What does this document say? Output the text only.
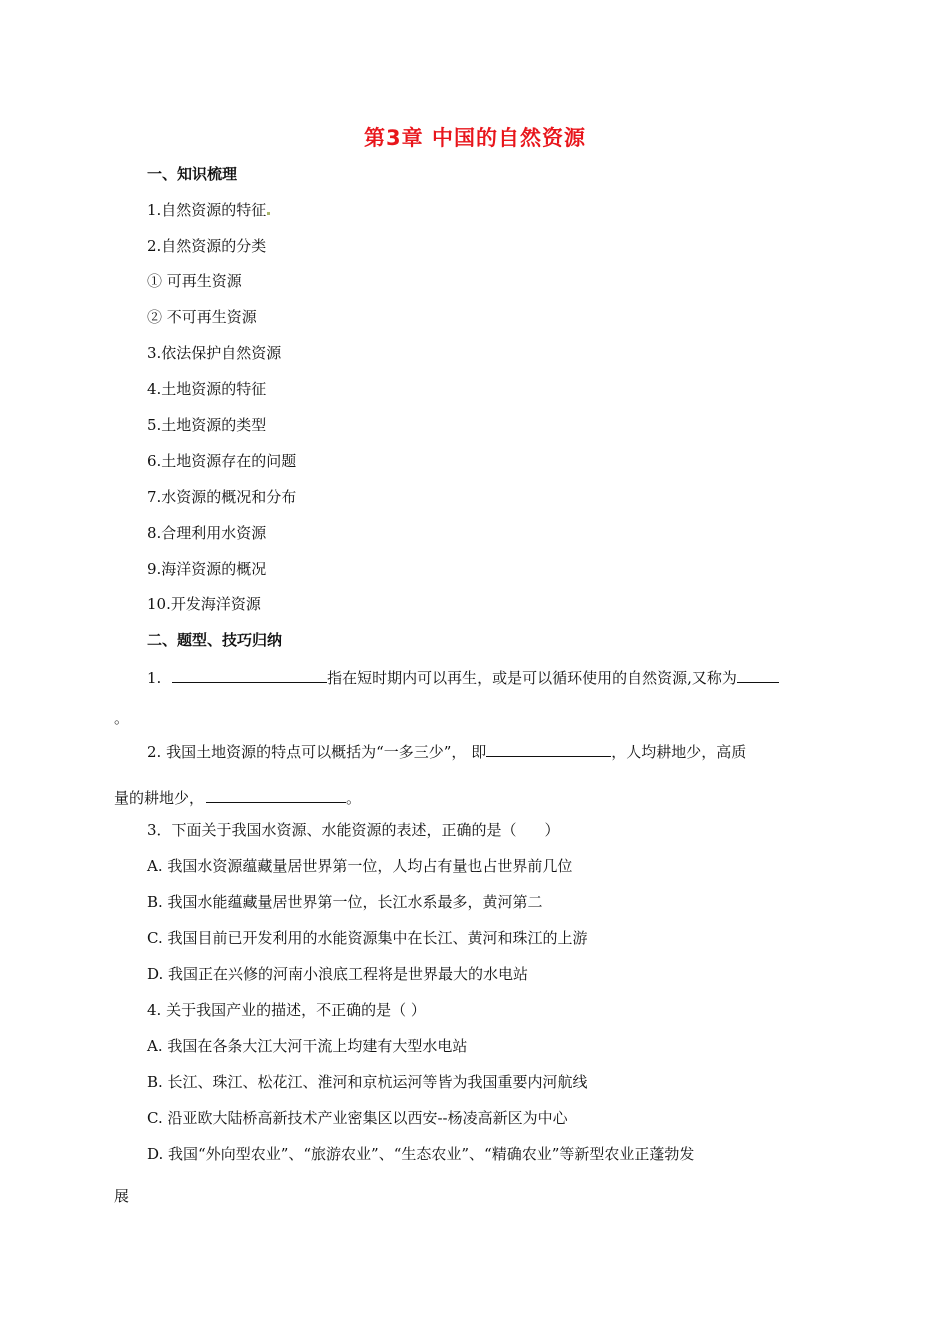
第3章 中国的自然资源
一、知识梳理
1.自然资源的特征
2.自然资源的分类
① 可再生资源
② 不可再生资源
3.依法保护自然资源
4.土地资源的特征
5.土地资源的类型
6.土地资源存在的问题
7.水资源的概况和分布
8.合理利用水资源
9.海洋资源的概况
10.开发海洋资源
二、题型、技巧归纳
1.	指在短时期内可以再生，或是可以循环使用的自然资源,又称为
。
2. 我国土地资源的特点可以概括为“一多三少”， 即	，人均耕地少，高质
量的耕地少，	。
3．下面关于我国水资源、水能资源的表述，正确的是（ ）
A. 我国水资源蕴藏量居世界第一位，人均占有量也占世界前几位
B. 我国水能蕴藏量居世界第一位，长江水系最多，黄河第二
C. 我国目前已开发利用的水能资源集中在长江、黄河和珠江的上游
D. 我国正在兴修的河南小浪底工程将是世界最大的水电站
4. 关于我国产业的描述，不正确的是（ ）
A. 我国在各条大江大河干流上均建有大型水电站
B. 长江、珠江、松花江、淮河和京杭运河等皆为我国重要内河航线
C. 沿亚欧大陆桥高新技术产业密集区以西安--杨凌高新区为中心
D. 我国“外向型农业”、“旅游农业”、“生态农业”、“精确农业”等新型农业正蓬勃发
展
